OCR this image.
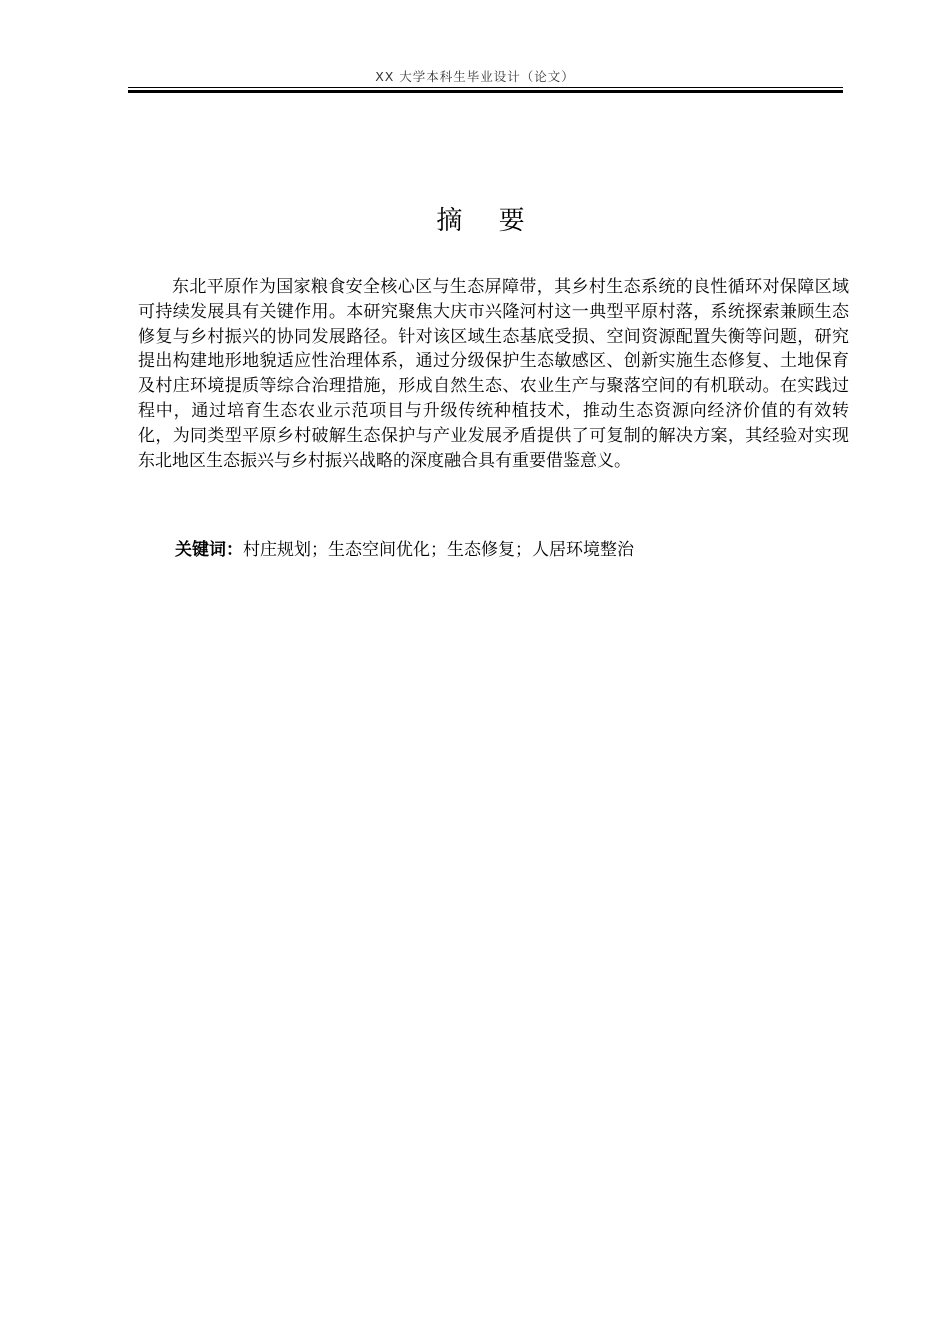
XX 大学本科生毕业设计（论文）
摘 要

东北平原作为国家粮食安全核心区与生态屏障带，其乡村生态系统的良性循环对保障区域可持续发展具有关键作用。本研究聚焦大庆市兴隆河村这一典型平原村落，系统探索兼顾生态修复与乡村振兴的协同发展路径。针对该区域生态基底受损、空间资源配置失衡等问题，研究提出构建地形地貌适应性治理体系，通过分级保护生态敏感区、创新实施生态修复、土地保育及村庄环境提质等综合治理措施，形成自然生态、农业生产与聚落空间的有机联动。在实践过程中，通过培育生态农业示范项目与升级传统种植技术，推动生态资源向经济价值的有效转化，为同类型平原乡村破解生态保护与产业发展矛盾提供了可复制的解决方案，其经验对实现东北地区生态振兴与乡村振兴战略的深度融合具有重要借鉴意义。

关键词：村庄规划；生态空间优化；生态修复；人居环境整治
